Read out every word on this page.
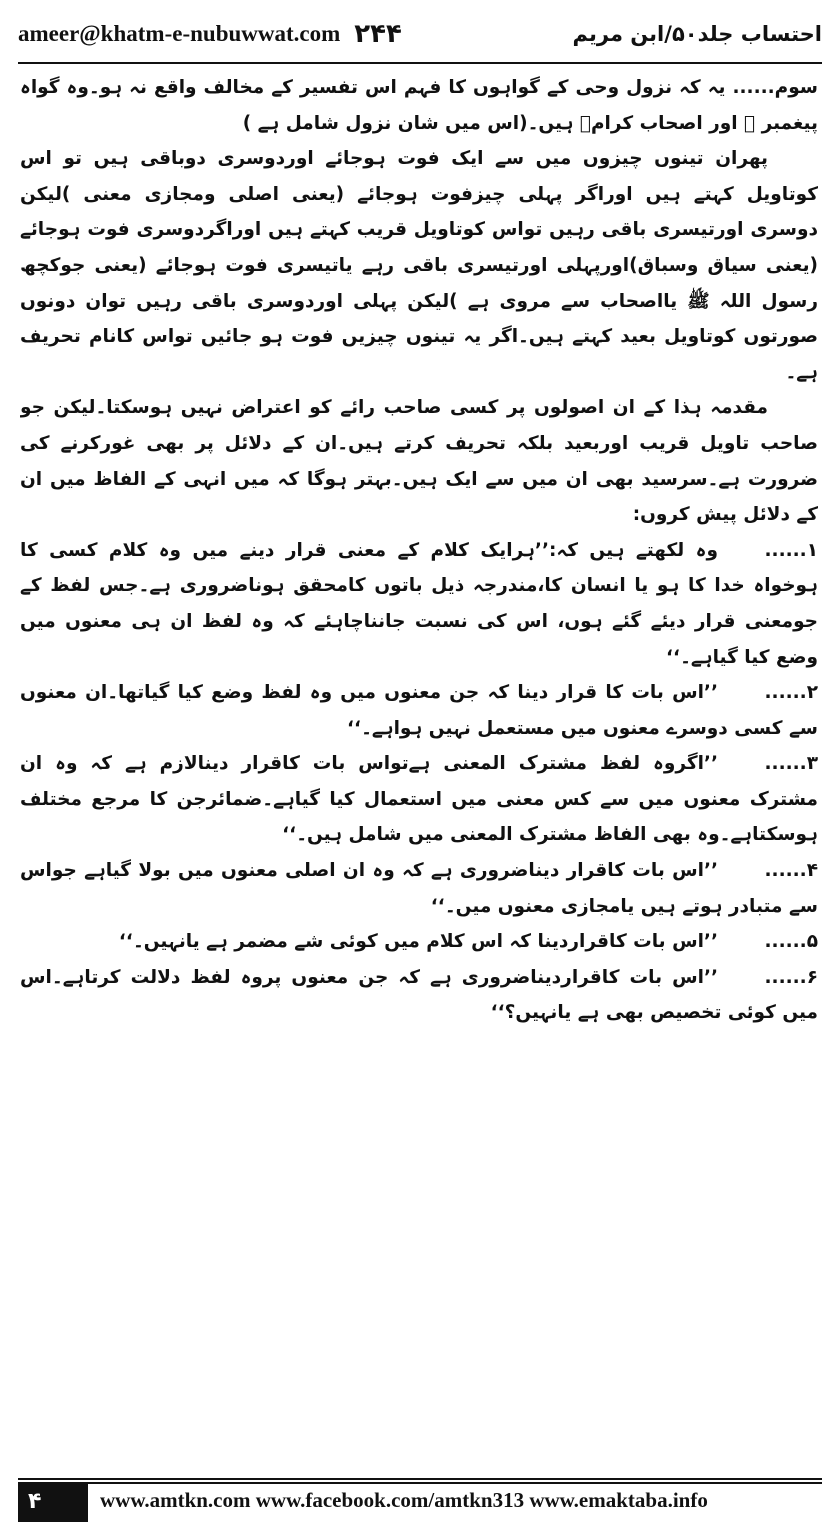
ameer@khatm-e-nubuwwat.com ۲۴۴	احتساب جلد۵۰/ابن مریم

سوم...... یہ کہ نزول وحی کے گواہوں کا فہم اس تفسیر کے مخالف واقع نہ ہو۔وہ گواہ پیغمبر ﷺ اور اصحاب کرامؓ ہیں۔(اس میں شان نزول شامل ہے )

پھران تینوں چیزوں میں سے ایک فوت ہوجائے اوردوسری دوباقی ہیں تو اس کوتاویل کہتے ہیں اوراگر پہلی چیزفوت ہوجائے (یعنی اصلی ومجازی معنی )لیکن دوسری اورتیسری باقی رہیں تواس کوتاویل قریب کہتے ہیں اوراگردوسری فوت ہوجائے (یعنی سیاق وسباق)اورپہلی اورتیسری باقی رہے یاتیسری فوت ہوجائے (یعنی جوکچھ رسول اللہ ﷺ یااصحاب سے مروی ہے )لیکن پہلی اوردوسری باقی رہیں توان دونوں صورتوں کوتاویل بعید کہتے ہیں۔اگر یہ تینوں چیزیں فوت ہو جائیں تواس کانام تحریف ہے۔

مقدمہ ہذا کے ان اصولوں پر کسی صاحب رائے کو اعتراض نہیں ہوسکتا۔لیکن جو صاحب تاویل قریب اوربعید بلکہ تحریف کرتے ہیں۔ان کے دلائل پر بھی غورکرنے کی ضرورت ہے۔سرسید بھی ان میں سے ایک ہیں۔بہتر ہوگا کہ میں انہی کے الفاظ میں ان کے دلائل پیش کروں:

۱......وہ لکھتے ہیں کہ:’’ہرایک کلام کے معنی قرار دینے میں وہ کلام کسی کا ہوخواہ خدا کا ہو یا انسان کا،مندرجہ ذیل باتوں کامحقق ہوناضروری ہے۔جس لفظ کے جومعنی قرار دیئے گئے ہوں، اس کی نسبت جانناچاہئے کہ وہ لفظ ان ہی معنوں میں وضع کیا گیاہے۔‘‘

۲......’’اس بات کا قرار دینا کہ جن معنوں میں وہ لفظ وضع کیا گیاتھا۔ان معنوں سے کسی دوسرے معنوں میں مستعمل نہیں ہواہے۔‘‘

۳......’’اگروہ لفظ مشترک المعنی ہےتواس بات کاقرار دینالازم ہے کہ وہ ان مشترک معنوں میں سے کس معنی میں استعمال کیا گیاہے۔ضمائرجن کا مرجع مختلف ہوسکتاہے۔وہ بھی الفاظ مشترک المعنی میں شامل ہیں۔‘‘

۴......’’اس بات کاقرار دیناضروری ہے کہ وہ ان اصلی معنوں میں بولا گیاہے جواس سے متبادر ہوتے ہیں یامجازی معنوں میں۔‘‘

۵......’’اس بات کاقراردینا کہ اس کلام میں کوئی شے مضمر ہے یانہیں۔‘‘

۶......’’اس بات کاقراردیناضروری ہے کہ جن معنوں پروہ لفظ دلالت کرتاہے۔اس میں کوئی تخصیص بھی ہے یانہیں؟‘‘

۴	www.amtkn.com www.facebook.com/amtkn313 www.emaktaba.info
